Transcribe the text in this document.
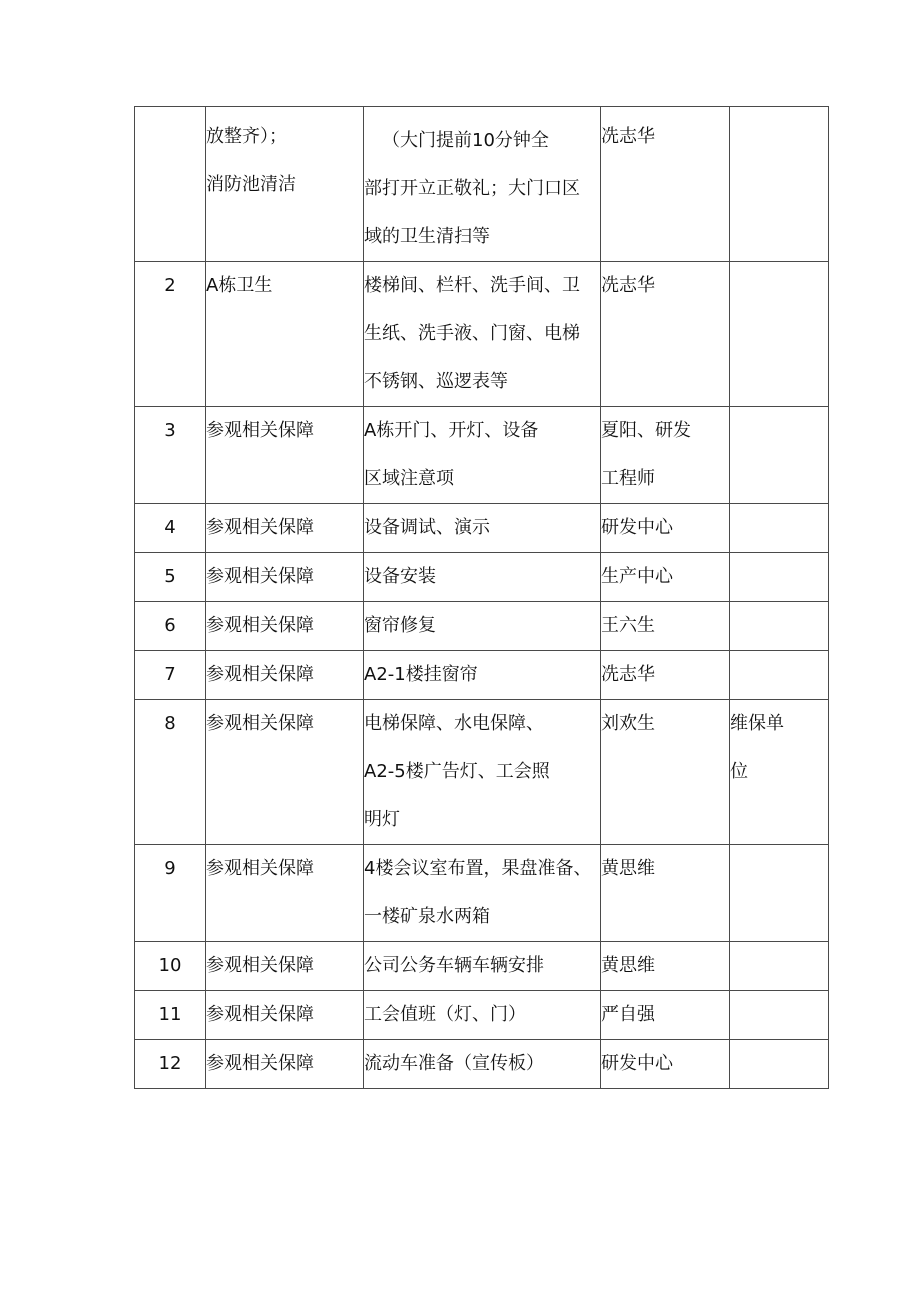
	放整齐）；
消防池清洁	（大门提前10分钟全
部打开立正敬礼；大门口区
域的卫生清扫等	冼志华	

2	A栋卫生	楼梯间、栏杆、洗手间、卫
生纸、洗手液、门窗、电梯
不锈钢、巡逻表等	冼志华	

3	参观相关保障	A栋开门、开灯、设备
区域注意项	夏阳、研发
工程师	

4	参观相关保障	设备调试、演示	研发中心	

5	参观相关保障	设备安装	生产中心	

6	参观相关保障	窗帘修复	王六生	

7	参观相关保障	A2-1楼挂窗帘	冼志华	

8	参观相关保障	电梯保障、水电保障、
A2-5楼广告灯、工会照
明灯	刘欢生	维保单
位

9	参观相关保障	4楼会议室布置，果盘准备、
一楼矿泉水两箱	黄思维	

10	参观相关保障	公司公务车辆车辆安排	黄思维	

11	参观相关保障	工会值班（灯、门）	严自强	

12	参观相关保障	流动车准备（宣传板）	研发中心	
